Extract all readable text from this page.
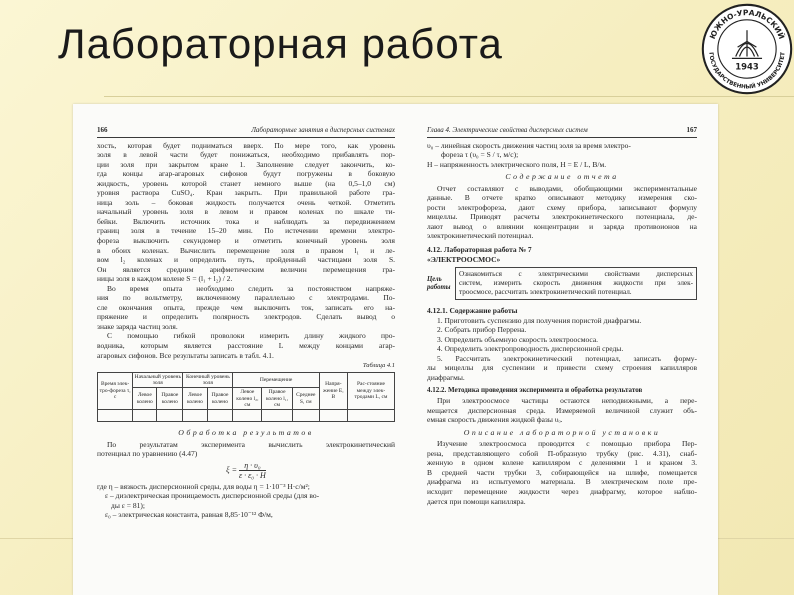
Лабораторная работа	ЮЖНО-УРАЛЬСКИЙ
ГОСУДАРСТВЕННЫЙ УНИВЕРСИТЕТ
1943
166	Лабораторные занятия в дисперсных системах
хость, которая будет подниматься вверх. По мере того, как уровень
золя в левой части будет понижаться, необходимо прибавлять пор-
ции золя при закрытом кране 1. Заполнение следует закончить, ко-
гда концы агар-агаровых сифонов будут погружены в боковую
жидкость, уровень которой станет немного выше (на 0,5–1,0 см)
уровня раствора CuSO₄. Кран закрыть. При правильной работе гра-
ница золь – боковая жидкость получается очень четкой. Отметить
начальный уровень золя в левом и правом коленах по шкале ти-
бейки. Включить источник тока и наблюдать за передвижением
границ золя в течение 15–20 мин. По истечении времени электро-
фореза выключить секундомер и отметить конечный уровень золя
в обоих коленах. Вычислить перемещение золя в правом l₁ и ле-
вом l₂ коленах и определить путь, пройденный частицами золя S.
Он является средним арифметическим величин перемещения гра-
ницы золя в каждом колене S = (l₁ + l₂) / 2.
Во время опыта необходимо следить за постоянством напряже-
ния по вольтметру, включенному параллельно с электродами. По-
сле окончания опыта, прежде чем выключить ток, записать его на-
пряжение и определить полярность электродов. Сделать вывод о
знаке заряда частиц золя.
С помощью гибкой проволоки измерить длину жидкого про-
водника, которым является расстояние L между концами агар-
агаровых сифонов. Все результаты записать в табл. 4.1.
Таблица 4.1
Время элек-тро-фореза τ, с	Начальный уровень золя		Конечный уровень золя		Перемещение			Напря-жение E, В	Рас-стояние между элек-тродами L, см
	Левое колено	Правое колено	Левое колено	Правое колено	Левое колено l₂, см	Правое колено l₁, см	Среднее S, см		

Обработка результатов
По результатам эксперимента вычислить электрокинетический
потенциал по уравнению (4.47)
$\xi = \frac{\text{η · υ₀}}{\text{ε · ε₀ · H}}$
где η – вязкость дисперсионной среды, для воды η = 1·10⁻³ Н·с/м²;
ε – диэлектрическая проницаемость дисперсионной среды (для во-
ды ε = 81);
ε₀ – электрическая константа, равная 8,85·10⁻¹² Ф/м,
Глава 4. Электрические свойства дисперсных систем	167
υ₀ – линейная скорость движения частиц золя за время электро-
форезa τ (υ₀ = S / τ, м/с);
H – напряженность электрического поля, H = E / L, В/м.
Содержание отчета
Отчет составляют с выводами, обобщающими экспериментальные
данные. В отчете кратко описывают методику измерения ско-
рости электрофореза, дают схему прибора, записывают формулу
мицеллы. Приводят расчеты электрокинетического потенциала, де-
лают вывод о влиянии концентрации и заряда противоионов на
электрокинетический потенциал.
4.12. Лабораторная работа № 7
«ЭЛЕКТРООСМОС»
Цель работы
Ознакомиться с электрическими свойствами дисперсных
систем, измерить скорость движения жидкости при элек-
троосмосе, рассчитать электрокинетический потенциал.
4.12.1. Содержание работы
1. Приготовить суспензию для получения пористой диафрагмы.
2. Собрать прибор Перрена.
3. Определить объемную скорость электроосмоса.
4. Определить электропроводность дисперсионной среды.
5. Рассчитать электрокинетический потенциал, записать форму-
лы мицеллы для суспензии и привести схему строения капилляров
диафрагмы.
4.12.2. Методика проведения эксперимента и обработка результатов
При электроосмосе частицы остаются неподвижными, а пере-
мещается дисперсионная среда. Измеряемой величиной служит объ-
емная скорость движения жидкой фазы υₒ.
Описание лабораторной установки
Изучение электроосмоса проводится с помощью прибора Пер-
рена, представляющего собой П-образную трубку (рис. 4.31), снаб-
женную в одном колене капилляром с делениями 1 и краном 3.
В средней части трубки 3, собирающейся на шлифе, помещается
диафрагма из испытуемого материала. В электрическом поле пре-
исходит перемещение жидкости через диафрагму, которое наблю-
дается при помощи капилляра.
